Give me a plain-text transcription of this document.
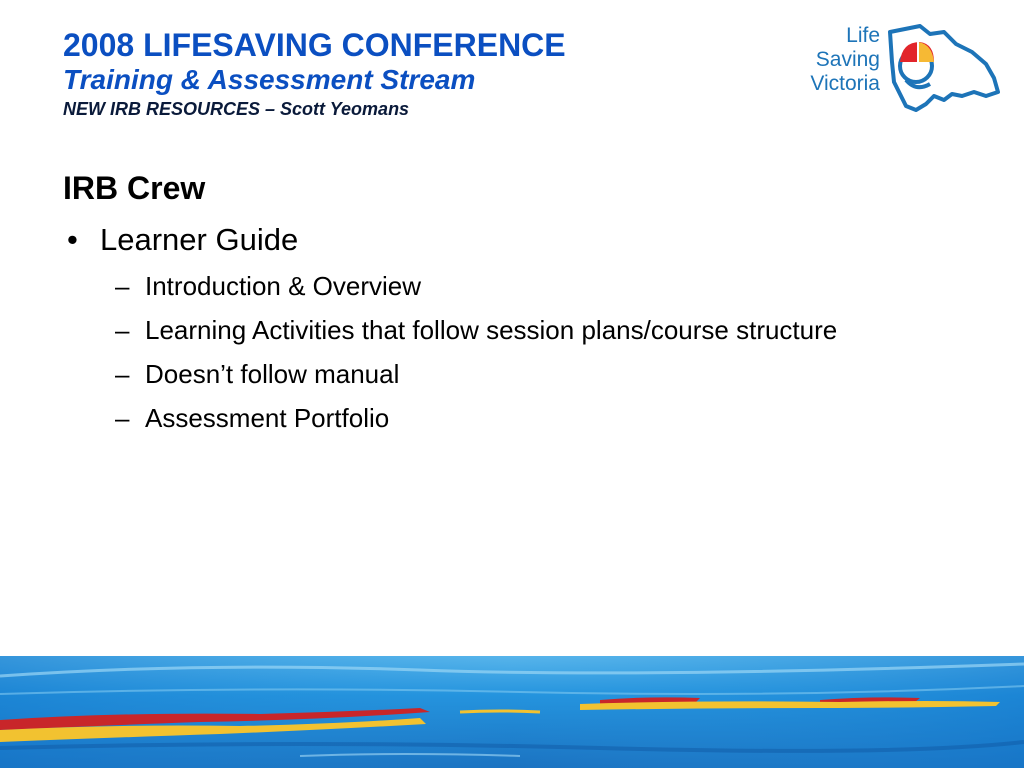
2008 LIFESAVING CONFERENCE
Training & Assessment Stream
NEW IRB RESOURCES – Scott Yeomans
Life
Saving
Victoria
IRB Crew
• Learner Guide
– Introduction & Overview
– Learning Activities that follow session plans/course structure
– Doesn’t follow manual
– Assessment Portfolio
